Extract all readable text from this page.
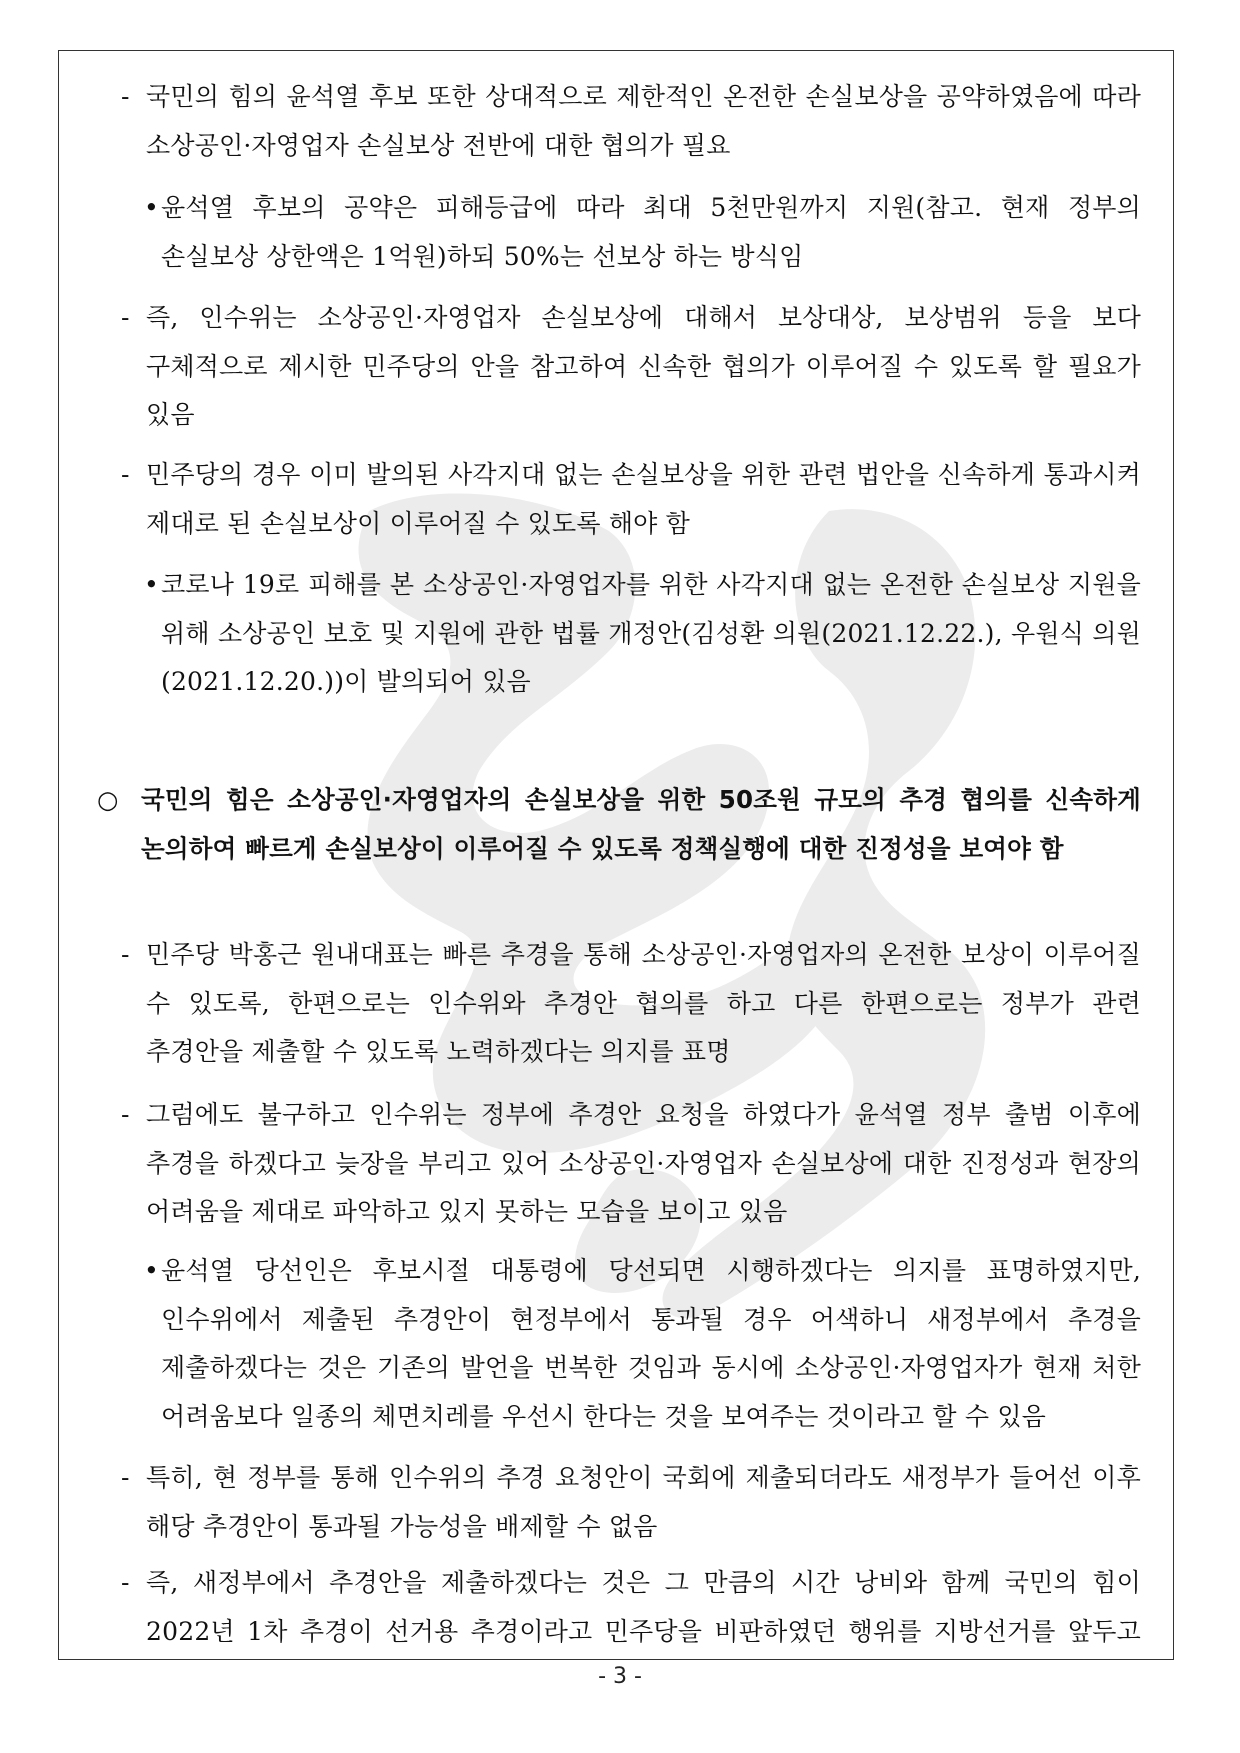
- 국민의 힘의 윤석열 후보 또한 상대적으로 제한적인 온전한 손실보상을 공약하였음에 따라 소상공인·자영업자 손실보상 전반에 대한 협의가 필요
• 윤석열 후보의 공약은 피해등급에 따라 최대 5천만원까지 지원(참고. 현재 정부의 손실보상 상한액은 1억원)하되 50%는 선보상 하는 방식임
- 즉, 인수위는 소상공인·자영업자 손실보상에 대해서 보상대상, 보상범위 등을 보다 구체적으로 제시한 민주당의 안을 참고하여 신속한 협의가 이루어질 수 있도록 할 필요가 있음
- 민주당의 경우 이미 발의된 사각지대 없는 손실보상을 위한 관련 법안을 신속하게 통과시켜 제대로 된 손실보상이 이루어질 수 있도록 해야 함
• 코로나 19로 피해를 본 소상공인·자영업자를 위한 사각지대 없는 온전한 손실보상 지원을 위해 소상공인 보호 및 지원에 관한 법률 개정안(김성환 의원(2021.12.22.), 우원식 의원(2021.12.20.))이 발의되어 있음
○ 국민의 힘은 소상공인·자영업자의 손실보상을 위한 50조원 규모의 추경 협의를 신속하게 논의하여 빠르게 손실보상이 이루어질 수 있도록 정책실행에 대한 진정성을 보여야 함
- 민주당 박홍근 원내대표는 빠른 추경을 통해 소상공인·자영업자의 온전한 보상이 이루어질 수 있도록, 한편으로는 인수위와 추경안 협의를 하고 다른 한편으로는 정부가 관련 추경안을 제출할 수 있도록 노력하겠다는 의지를 표명
- 그럼에도 불구하고 인수위는 정부에 추경안 요청을 하였다가 윤석열 정부 출범 이후에 추경을 하겠다고 늦장을 부리고 있어 소상공인·자영업자 손실보상에 대한 진정성과 현장의 어려움을 제대로 파악하고 있지 못하는 모습을 보이고 있음
• 윤석열 당선인은 후보시절 대통령에 당선되면 시행하겠다는 의지를 표명하였지만, 인수위에서 제출된 추경안이 현정부에서 통과될 경우 어색하니 새정부에서 추경을 제출하겠다는 것은 기존의 발언을 번복한 것임과 동시에 소상공인·자영업자가 현재 처한 어려움보다 일종의 체면치레를 우선시 한다는 것을 보여주는 것이라고 할 수 있음
- 특히, 현 정부를 통해 인수위의 추경 요청안이 국회에 제출되더라도 새정부가 들어선 이후 해당 추경안이 통과될 가능성을 배제할 수 없음
- 즉, 새정부에서 추경안을 제출하겠다는 것은 그 만큼의 시간 낭비와 함께 국민의 힘이 2022년 1차 추경이 선거용 추경이라고 민주당을 비판하였던 행위를 지방선거를 앞두고
- 3 -
